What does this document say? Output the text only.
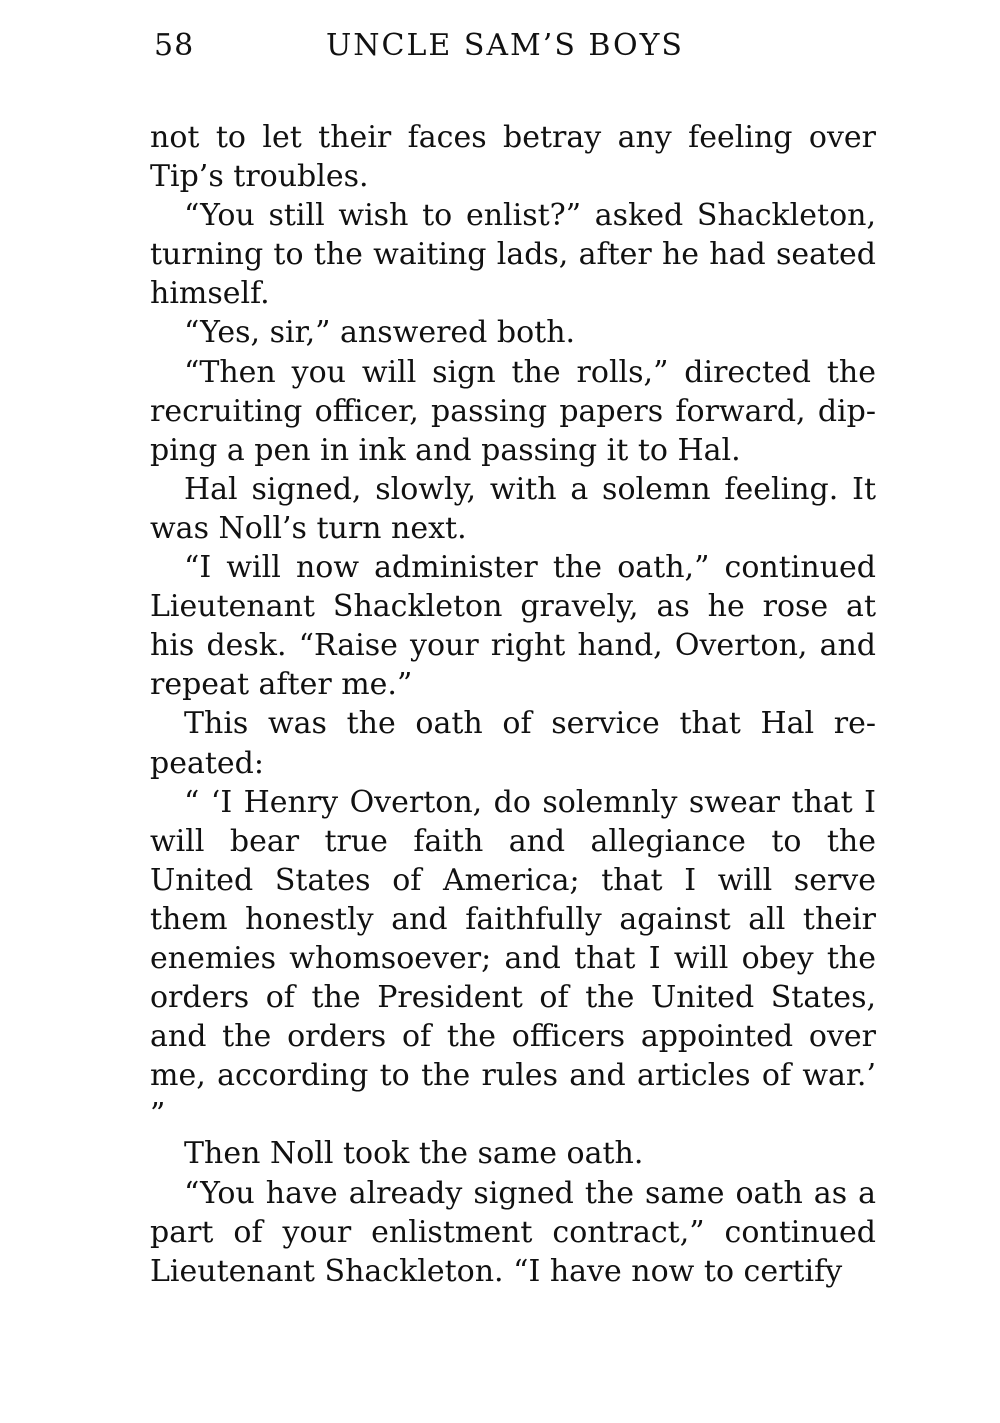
58	UNCLE SAM’S BOYS

not to let their faces betray any feeling over Tip’s troubles.

“You still wish to enlist?” asked Shackleton, turning to the waiting lads, after he had seated himself.

“Yes, sir,” answered both.

“Then you will sign the rolls,” directed the recruiting officer, passing papers forward, dipping a pen in ink and passing it to Hal.

Hal signed, slowly, with a solemn feeling. It was Noll’s turn next.

“I will now administer the oath,” continued Lieutenant Shackleton gravely, as he rose at his desk. “Raise your right hand, Overton, and repeat after me.”

This was the oath of service that Hal repeated:

“ ‘I Henry Overton, do solemnly swear that I will bear true faith and allegiance to the United States of America; that I will serve them honestly and faithfully against all their enemies whomsoever; and that I will obey the orders of the President of the United States, and the orders of the officers appointed over me, according to the rules and articles of war.’ ”

Then Noll took the same oath.

“You have already signed the same oath as a part of your enlistment contract,” continued Lieutenant Shackleton. “I have now to certify
